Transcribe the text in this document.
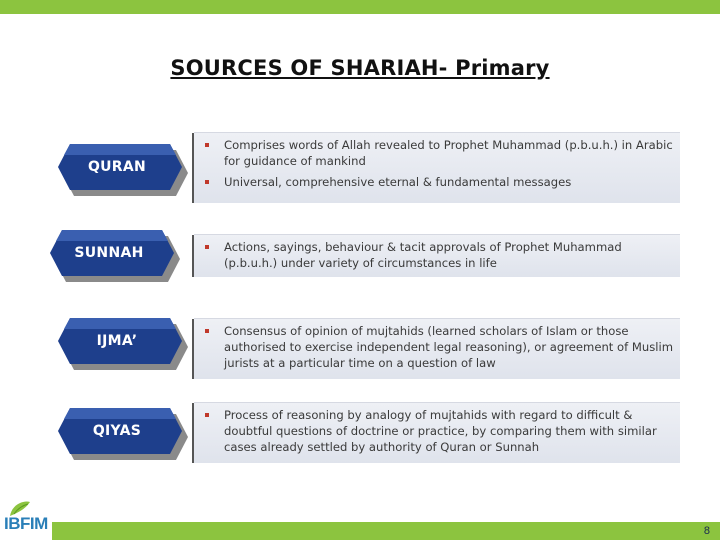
SOURCES OF SHARIAH- Primary
QURAN
Comprises words of Allah revealed to Prophet Muhammad (p.b.u.h.) in Arabic for guidance of mankind
Universal, comprehensive eternal & fundamental messages
SUNNAH	Actions, sayings, behaviour & tacit approvals of Prophet Muhammad (p.b.u.h.) under variety of circumstances in life
IJMA’
Consensus of opinion of mujtahids (learned scholars of Islam or those authorised to exercise independent legal reasoning), or agreement of Muslim jurists at a particular time on a question of law
QIYAS
Process of reasoning by analogy of mujtahids with regard to difficult & doubtful questions of doctrine or practice, by comparing them with similar cases already settled by authority of Quran or Sunnah
IBFIM	8
